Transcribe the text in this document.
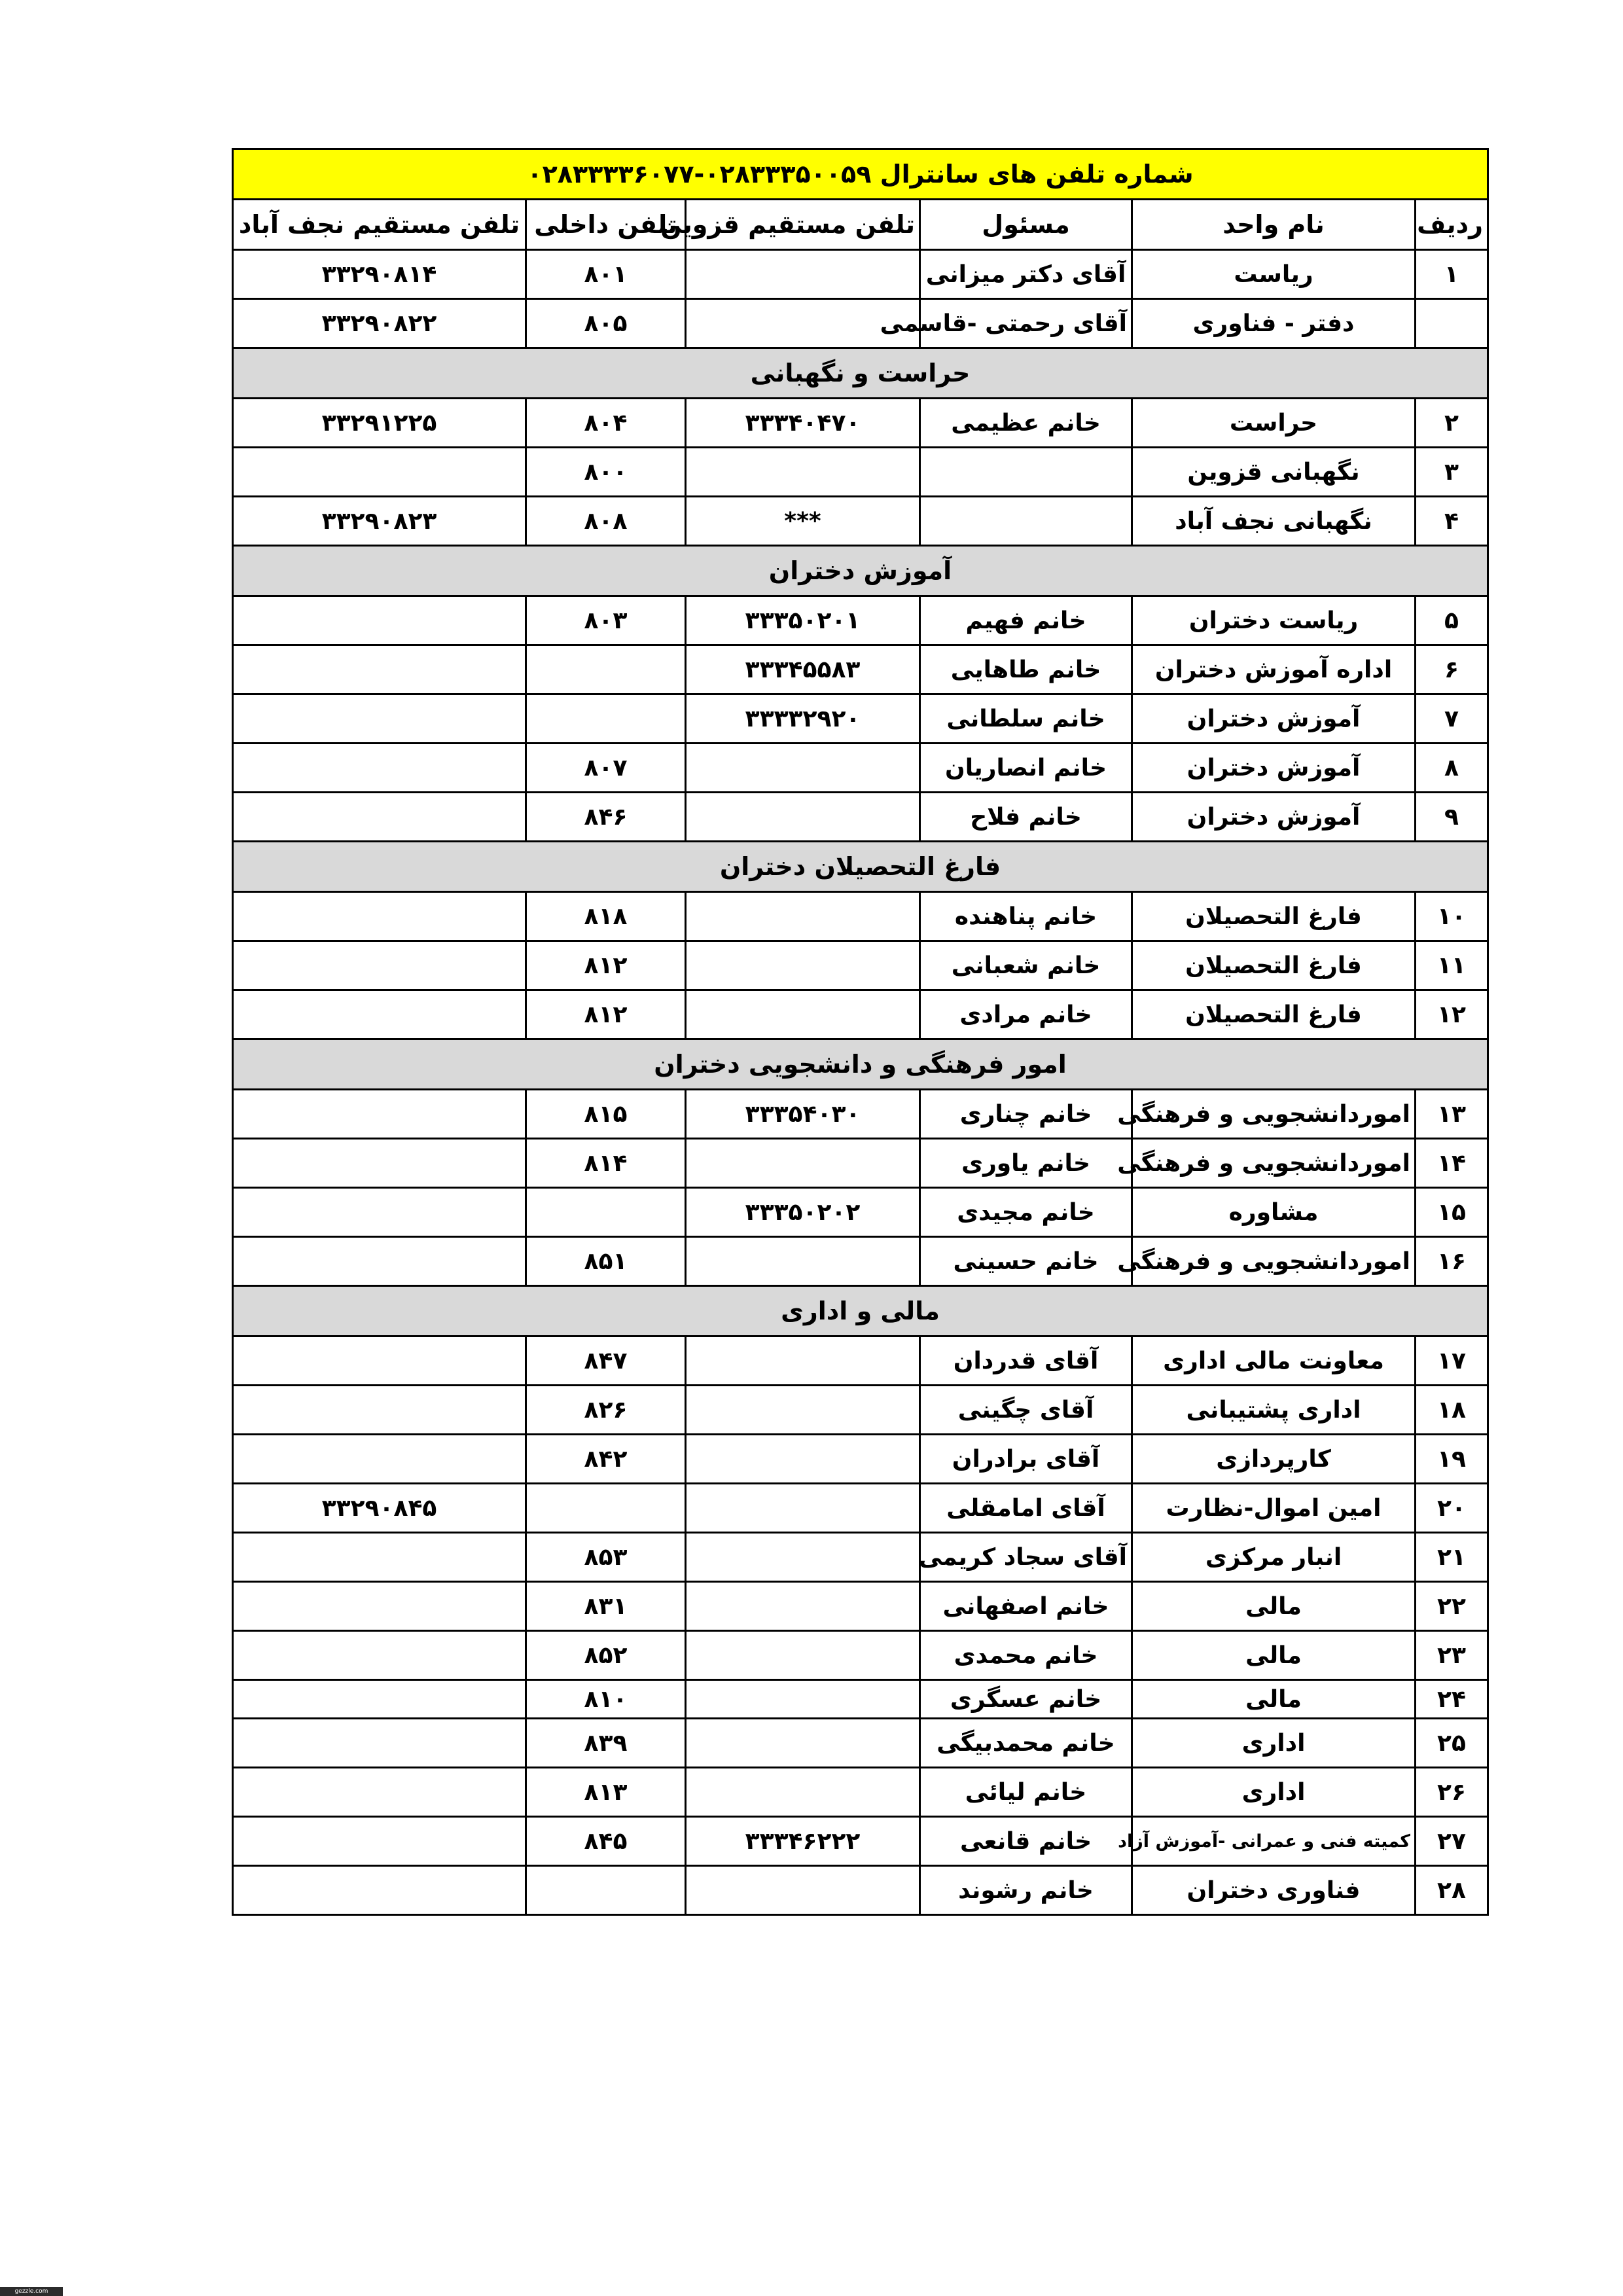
شماره تلفن های سانترال ۰۲۸۳۳۳۵۰۰۵۹-۰۲۸۳۳۳۳۶۰۷۷					
ردیف	نام واحد	مسئول	تلفن مستقیم قزوین	تلفن داخلی	تلفن مستقیم نجف آباد
۱	ریاست	آقای دکتر میزانی		۸۰۱	۳۳۲۹۰۸۱۴
	دفتر - فناوری	آقای رحمتی -قاسمی		۸۰۵	۳۳۲۹۰۸۲۲
حراست و نگهبانی					
۲	حراست	خانم عظیمی	۳۳۳۴۰۴۷۰	۸۰۴	۳۳۲۹۱۲۲۵
۳	نگهبانی قزوین			۸۰۰	
۴	نگهبانی نجف آباد		***	۸۰۸	۳۳۲۹۰۸۲۳
آموزش دختران					
۵	ریاست دختران	خانم فهیم	۳۳۳۵۰۲۰۱	۸۰۳	
۶	اداره آموزش دختران	خانم طاهایی	۳۳۳۴۵۵۸۳		
۷	آموزش دختران	خانم سلطانی	۳۳۳۳۲۹۲۰		
۸	آموزش دختران	خانم انصاریان		۸۰۷	
۹	آموزش دختران	خانم فلاح		۸۴۶	
فارغ التحصیلان دختران					
۱۰	فارغ التحصیلان	خانم پناهنده		۸۱۸	
۱۱	فارغ التحصیلان	خانم شعبانی		۸۱۲	
۱۲	فارغ التحصیلان	خانم مرادی		۸۱۲	
امور فرهنگی و دانشجویی دختران					
۱۳	اموردانشجویی و فرهنگی	خانم چناری	۳۳۳۵۴۰۳۰	۸۱۵	
۱۴	اموردانشجویی و فرهنگی	خانم یاوری		۸۱۴	
۱۵	مشاوره	خانم مجیدی	۳۳۳۵۰۲۰۲		
۱۶	اموردانشجویی و فرهنگی	خانم حسینی		۸۵۱	
مالی و اداری					
۱۷	معاونت مالی اداری	آقای قدردان		۸۴۷	
۱۸	اداری پشتیبانی	آقای چگینی		۸۲۶	
۱۹	کارپردازی	آقای برادران		۸۴۲	
۲۰	امین اموال-نظارت	آقای امامقلی			۳۳۲۹۰۸۴۵
۲۱	انبار مرکزی	آقای سجاد کریمی		۸۵۳	
۲۲	مالی	خانم اصفهانی		۸۳۱	
۲۳	مالی	خانم محمدی		۸۵۲	
۲۴	مالی	خانم عسگری		۸۱۰	
۲۵	اداری	خانم محمدبیگی		۸۳۹	
۲۶	اداری	خانم لیائی		۸۱۳	
۲۷	کمیته فنی و عمرانی -آموزش آزاد	خانم قانعی	۳۳۳۴۶۲۲۲	۸۴۵	
۲۸	فناوری دختران	خانم رشوند			
gezzle.com
